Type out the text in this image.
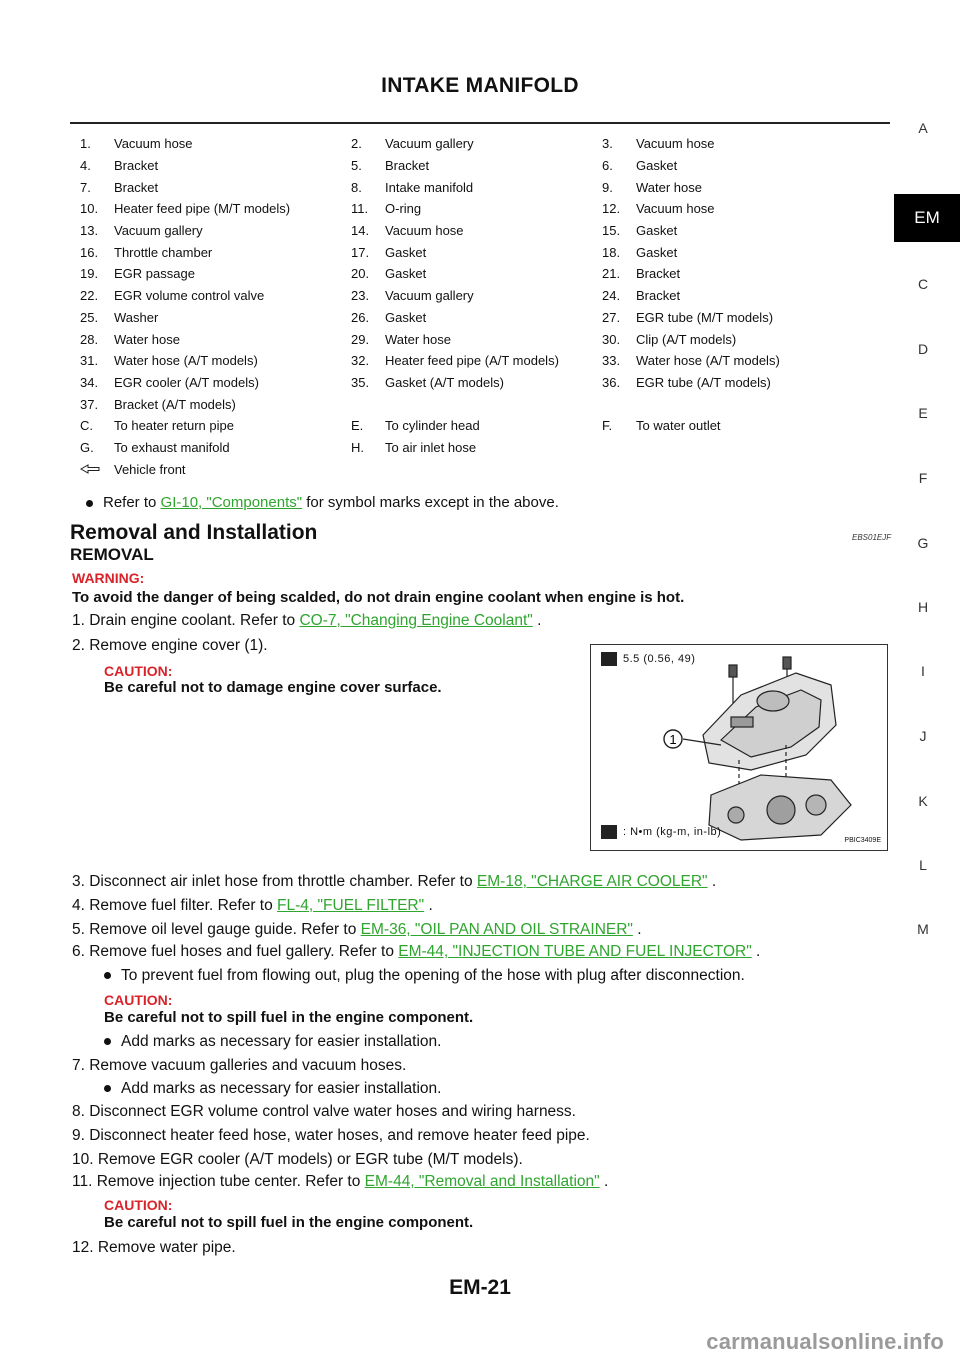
INTAKE MANIFOLD
A
EM
C
D
E
F
G
H
I
J
K
L
M
1. Vacuum hose	2. Vacuum gallery	3. Vacuum hose
4. Bracket	5. Bracket	6. Gasket
7. Bracket	8. Intake manifold	9. Water hose
10. Heater feed pipe (M/T models)	11. O-ring	12. Vacuum hose
13. Vacuum gallery	14. Vacuum hose	15. Gasket
16. Throttle chamber	17. Gasket	18. Gasket
19. EGR passage	20. Gasket	21. Bracket
22. EGR volume control valve	23. Vacuum gallery	24. Bracket
25. Washer	26. Gasket	27. EGR tube (M/T models)
28. Water hose	29. Water hose	30. Clip (A/T models)
31. Water hose (A/T models)	32. Heater feed pipe (A/T models)	33. Water hose (A/T models)
34. EGR cooler (A/T models)	35. Gasket (A/T models)	36. EGR tube (A/T models)
37. Bracket (A/T models)		
C. To heater return pipe	E. To cylinder head	F. To water outlet
G. To exhaust manifold	H. To air inlet hose	
Vehicle front		
Refer to GI-10, "Components" for symbol marks except in the above.
Removal and Installation	EBS01EJF
REMOVAL
WARNING:
To avoid the danger of being scalded, do not drain engine coolant when engine is hot.
1. Drain engine coolant. Refer to CO-7, "Changing Engine Coolant" .
2. Remove engine cover (1).
CAUTION:
Be careful not to damage engine cover surface.
5.5 (0.56, 49)
1
: N•m (kg-m, in-lb)
PBIC3409E
3. Disconnect air inlet hose from throttle chamber. Refer to EM-18, "CHARGE AIR COOLER" .
4. Remove fuel filter. Refer to FL-4, "FUEL FILTER" .
5. Remove oil level gauge guide. Refer to EM-36, "OIL PAN AND OIL STRAINER" .
6. Remove fuel hoses and fuel gallery. Refer to EM-44, "INJECTION TUBE AND FUEL INJECTOR" .
To prevent fuel from flowing out, plug the opening of the hose with plug after disconnection.
CAUTION:
Be careful not to spill fuel in the engine component.
Add marks as necessary for easier installation.
7. Remove vacuum galleries and vacuum hoses.
Add marks as necessary for easier installation.
8. Disconnect EGR volume control valve water hoses and wiring harness.
9. Disconnect heater feed hose, water hoses, and remove heater feed pipe.
10. Remove EGR cooler (A/T models) or EGR tube (M/T models).
11. Remove injection tube center. Refer to EM-44, "Removal and Installation" .
CAUTION:
Be careful not to spill fuel in the engine component.
12. Remove water pipe.
EM-21
carmanualsonline.info
